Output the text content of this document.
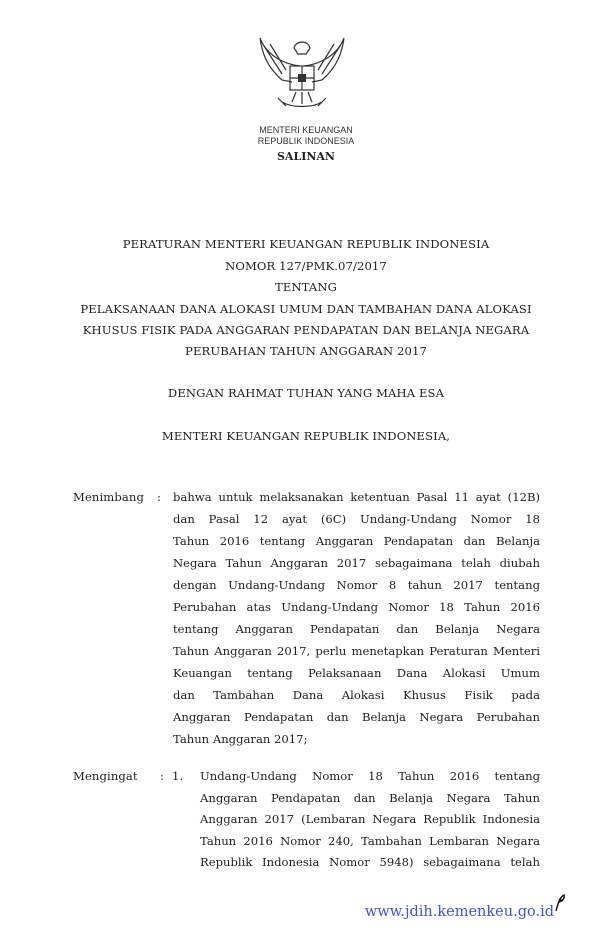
MENTERI KEUANGAN
REPUBLIK INDONESIA
SALINAN
PERATURAN MENTERI KEUANGAN REPUBLIK INDONESIA
NOMOR 127/PMK.07/2017
TENTANG
PELAKSANAAN DANA ALOKASI UMUM DAN TAMBAHAN DANA ALOKASI
KHUSUS FISIK PADA ANGGARAN PENDAPATAN DAN BELANJA NEGARA
PERUBAHAN TAHUN ANGGARAN 2017
DENGAN RAHMAT TUHAN YANG MAHA ESA
MENTERI KEUANGAN REPUBLIK INDONESIA,
Menimbang : bahwa untuk melaksanakan ketentuan Pasal 11 ayat (12B)
dan Pasal 12 ayat (6C) Undang-Undang Nomor 18
Tahun 2016 tentang Anggaran Pendapatan dan Belanja
Negara Tahun Anggaran 2017 sebagaimana telah diubah
dengan Undang-Undang Nomor 8 tahun 2017 tentang
Perubahan atas Undang-Undang Nomor 18 Tahun 2016
tentang Anggaran Pendapatan dan Belanja Negara
Tahun Anggaran 2017, perlu menetapkan Peraturan Menteri
Keuangan tentang Pelaksanaan Dana Alokasi Umum
dan Tambahan Dana Alokasi Khusus Fisik pada
Anggaran Pendapatan dan Belanja Negara Perubahan
Tahun Anggaran 2017;
Mengingat : 1. Undang-Undang Nomor 18 Tahun 2016 tentang
Anggaran Pendapatan dan Belanja Negara Tahun
Anggaran 2017 (Lembaran Negara Republik Indonesia
Tahun 2016 Nomor 240, Tambahan Lembaran Negara
Republik Indonesia Nomor 5948) sebagaimana telah
www.jdih.kemenkeu.go.id
